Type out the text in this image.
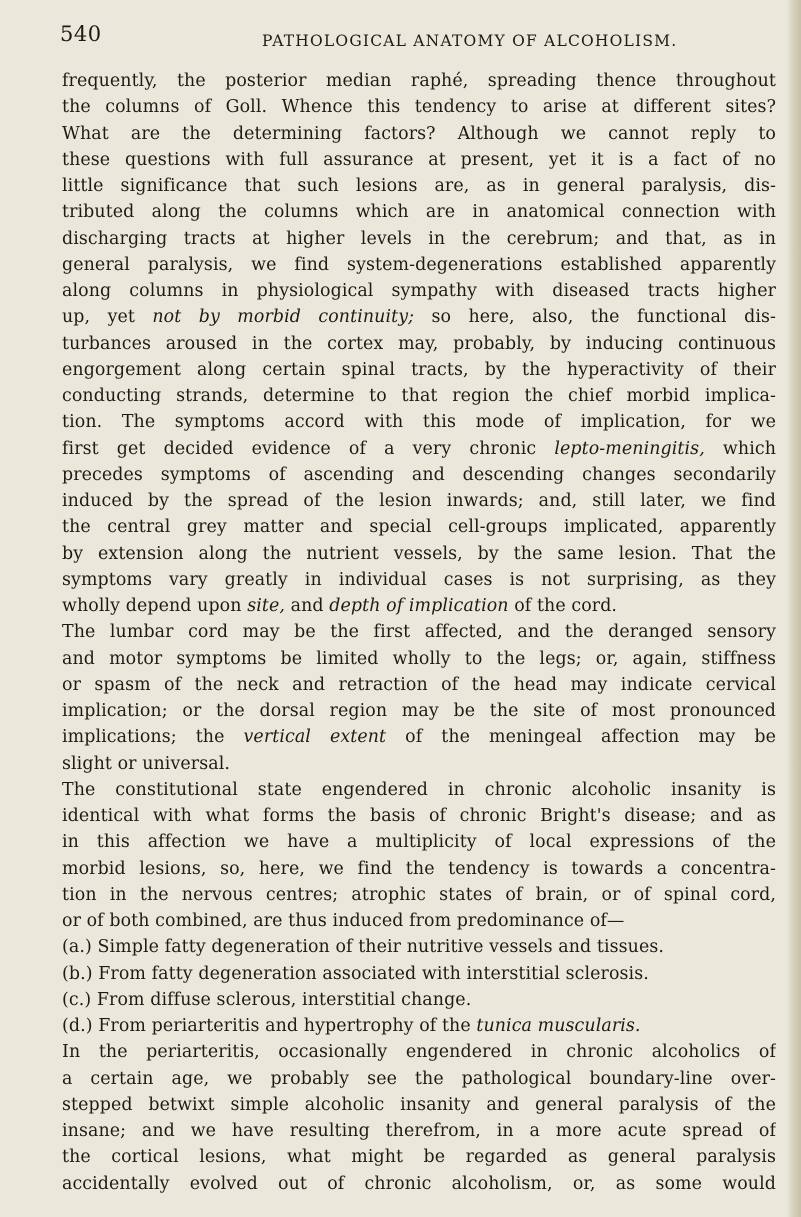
540	PATHOLOGICAL ANATOMY OF ALCOHOLISM.
frequently, the posterior median raphé, spreading thence throughout
the columns of Goll. Whence this tendency to arise at different sites?
What are the determining factors? Although we cannot reply to
these questions with full assurance at present, yet it is a fact of no
little significance that such lesions are, as in general paralysis, dis-
tributed along the columns which are in anatomical connection with
discharging tracts at higher levels in the cerebrum; and that, as in
general paralysis, we find system-degenerations established apparently
along columns in physiological sympathy with diseased tracts higher
up, yet not by morbid continuity; so here, also, the functional dis-
turbances aroused in the cortex may, probably, by inducing continuous
engorgement along certain spinal tracts, by the hyperactivity of their
conducting strands, determine to that region the chief morbid implica-
tion. The symptoms accord with this mode of implication, for we
first get decided evidence of a very chronic lepto-meningitis, which
precedes symptoms of ascending and descending changes secondarily
induced by the spread of the lesion inwards; and, still later, we find
the central grey matter and special cell-groups implicated, apparently
by extension along the nutrient vessels, by the same lesion. That the
symptoms vary greatly in individual cases is not surprising, as they
wholly depend upon site, and depth of implication of the cord.
The lumbar cord may be the first affected, and the deranged sensory
and motor symptoms be limited wholly to the legs; or, again, stiffness
or spasm of the neck and retraction of the head may indicate cervical
implication; or the dorsal region may be the site of most pronounced
implications; the vertical extent of the meningeal affection may be
slight or universal.
The constitutional state engendered in chronic alcoholic insanity is
identical with what forms the basis of chronic Bright's disease; and as
in this affection we have a multiplicity of local expressions of the
morbid lesions, so, here, we find the tendency is towards a concentra-
tion in the nervous centres; atrophic states of brain, or of spinal cord,
or of both combined, are thus induced from predominance of—
(a.) Simple fatty degeneration of their nutritive vessels and tissues.
(b.) From fatty degeneration associated with interstitial sclerosis.
(c.) From diffuse sclerous, interstitial change.
(d.) From periarteritis and hypertrophy of the tunica muscularis.
In the periarteritis, occasionally engendered in chronic alcoholics of
a certain age, we probably see the pathological boundary-line over-
stepped betwixt simple alcoholic insanity and general paralysis of the
insane; and we have resulting therefrom, in a more acute spread of
the cortical lesions, what might be regarded as general paralysis
accidentally evolved out of chronic alcoholism, or, as some would
